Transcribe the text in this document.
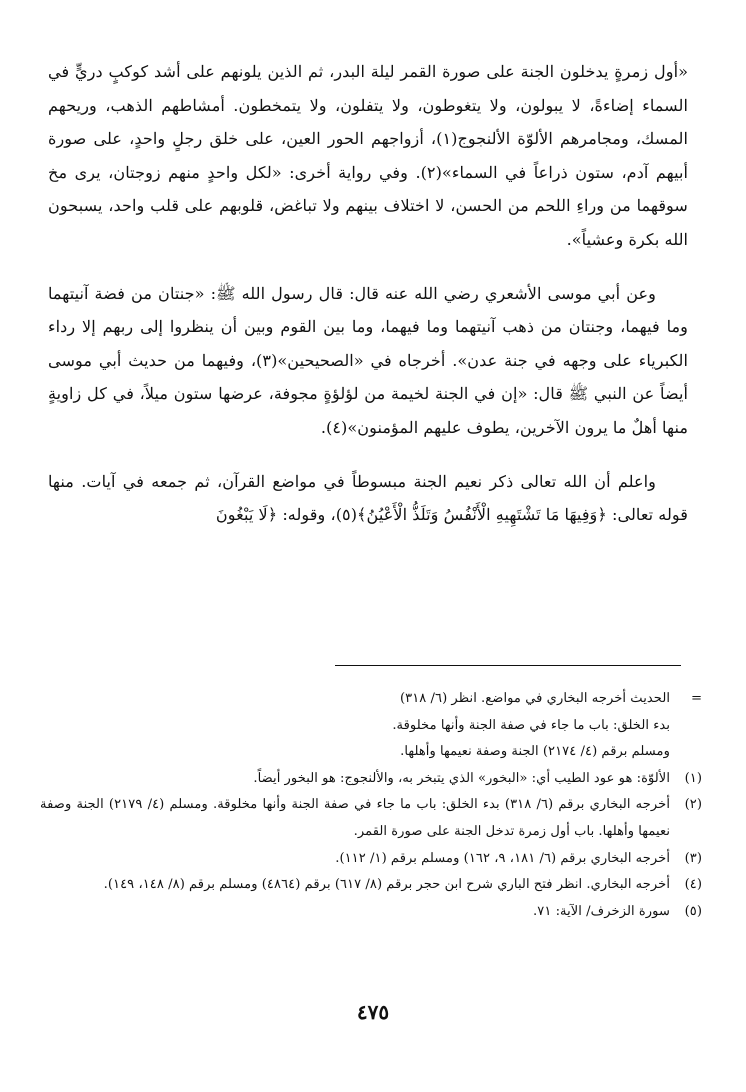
«أول زمرةٍ يدخلون الجنة على صورة القمر ليلة البدر، ثم الذين يلونهم على أشد كوكبٍ دريٍّ في السماء إضاءةً، لا يبولون، ولا يتغوطون، ولا يتفلون، ولا يتمخطون. أمشاطهم الذهب، وريحهم المسك، ومجامرهم الألوّة الألنجوج(١)، أزواجهم الحور العين، على خلق رجلٍ واحدٍ، على صورة أبيهم آدم، ستون ذراعاً في السماء»(٢). وفي رواية أخرى: «لكل واحدٍ منهم زوجتان، يرى مخ سوقهما من وراءِ اللحم من الحسن، لا اختلاف بينهم ولا تباغض، قلوبهم على قلب واحد، يسبحون الله بكرة وعشياً».

وعن أبي موسى الأشعري رضي الله عنه قال: قال رسول الله ﷺ: «جنتان من فضة آنيتهما وما فيهما، وجنتان من ذهب آنيتهما وما فيهما، وما بين القوم وبين أن ينظروا إلى ربهم إلا رداء الكبرياء على وجهه في جنة عدن». أخرجاه في «الصحيحين»(٣)، وفيهما من حديث أبي موسى أيضاً عن النبي ﷺ قال: «إن في الجنة لخيمة من لؤلؤةٍ مجوفة، عرضها ستون ميلاً، في كل زاويةٍ منها أهلٌ ما يرون الآخرين، يطوف عليهم المؤمنون»(٤).

واعلم أن الله تعالى ذكر نعيم الجنة مبسوطاً في مواضع القرآن، ثم جمعه في آيات. منها قوله تعالى: ﴿وَفِيهَا مَا تَشْتَهِيهِ الْأَنْفُسُ وَتَلَذُّ الْأَعْيُنُ﴾(٥)، وقوله: ﴿لَا يَبْغُونَ

=
الحديث أخرجه البخاري في مواضع. انظر (٦/ ٣١٨)
بدء الخلق: باب ما جاء في صفة الجنة وأنها مخلوقة.
ومسلم برقم (٤/ ٢١٧٤) الجنة وصفة نعيمها وأهلها.
(١)
الألوّة: هو عود الطيب أي: «البخور» الذي يتبخر به، والألنجوج: هو البخور أيضاً.
(٢)
أخرجه البخاري برقم (٦/ ٣١٨) بدء الخلق: باب ما جاء في صفة الجنة وأنها مخلوقة. ومسلم (٤/ ٢١٧٩) الجنة وصفة نعيمها وأهلها. باب أول زمرة تدخل الجنة على صورة القمر.
(٣)
أخرجه البخاري برقم (٦/ ١٨١، ٩، ١٦٢) ومسلم برقم (١/ ١١٢).
(٤)
أخرجه البخاري. انظر فتح الباري شرح ابن حجر برقم (٨/ ٦١٧) برقم (٤٨٦٤) ومسلم برقم (٨/ ١٤٨، ١٤٩).
(٥)
سورة الزخرف/ الآية: ٧١.
٤٧٥
